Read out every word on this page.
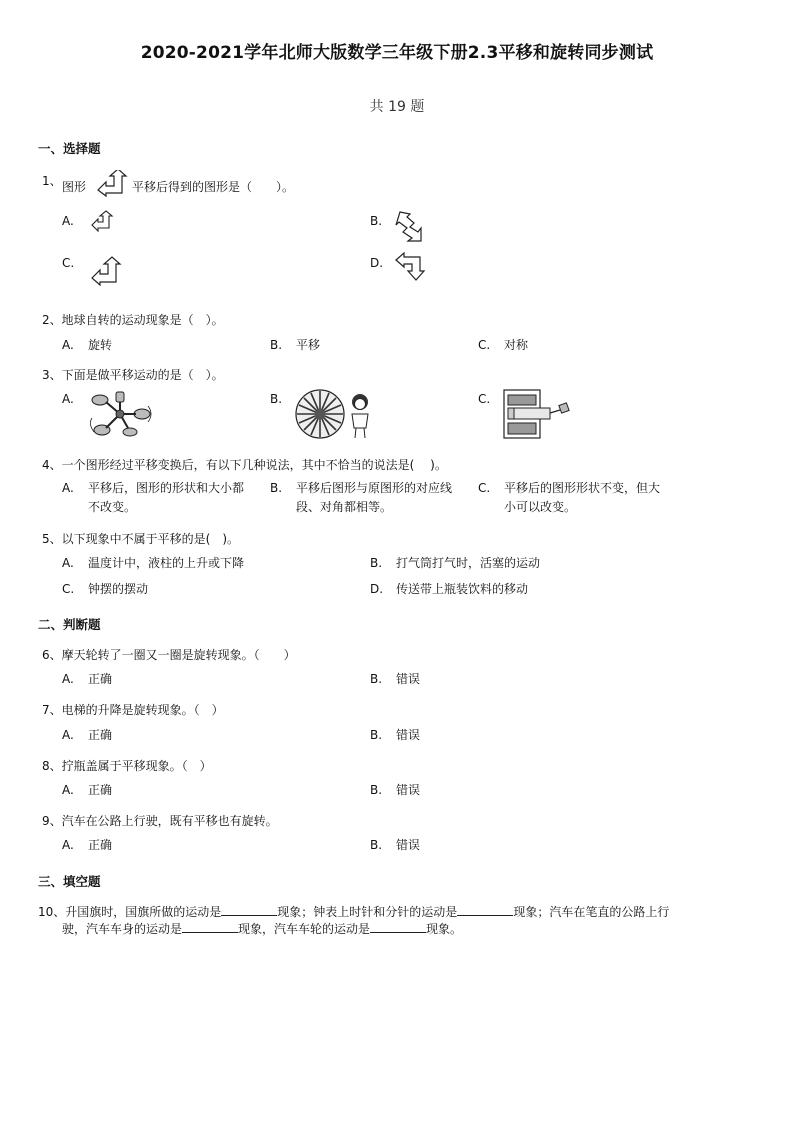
2020-2021学年北师大版数学三年级下册2.3平移和旋转同步测试
共 19 题
一、选择题
1、 图形	平移后得到的图形是（　　）。
A.	B.
C.	D.
2、地球自转的运动现象是（　）。
A. 旋转	B. 平移	C. 对称
3、下面是做平移运动的是（　）。
A.	B.	C.
4、一个图形经过平移变换后，有以下几种说法，其中不恰当的说法是(　 )。
A. 平移后，图形的形状和大小都
不改变。
B. 平移后图形与原图形的对应线
段、对角都相等。
C. 平移后的图形形状不变，但大
小可以改变。
5、以下现象中不属于平移的是(　)。
A. 温度计中，液柱的上升或下降	B. 打气筒打气时，活塞的运动
C. 钟摆的摆动	D. 传送带上瓶装饮料的移动
二、判断题
6、摩天轮转了一圈又一圈是旋转现象。（　　）
A. 正确	B. 错误
7、电梯的升降是旋转现象。（　）
A. 正确	B. 错误
8、拧瓶盖属于平移现象。（　）
A. 正确	B. 错误
9、汽车在公路上行驶，既有平移也有旋转。
A. 正确	B. 错误
三、填空题
10、升国旗时，国旗所做的运动是	现象；钟表上时针和分针的运动是	现象；汽车在笔直的公路上行
驶，汽车车身的运动是	现象，汽车车轮的运动是	现象。
